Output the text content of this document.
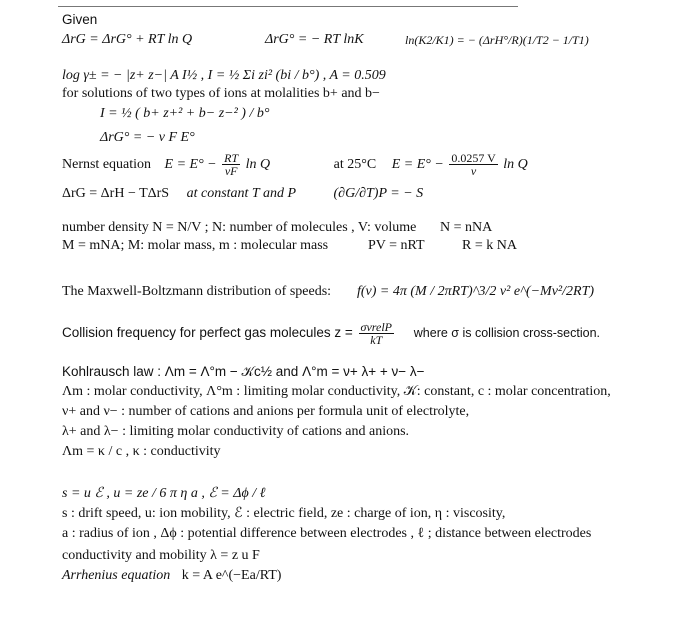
Given
ΔrG = ΔrG° + RT ln Q	ΔrG° = − RT lnK	ln(K2/K1) = − (ΔrH°/R)(1/T2 − 1/T1)
log γ± = − |z+ z−| A I½ , I = ½ Σi zi² (bi / b°) , A = 0.509
for solutions of two types of ions at molalities b+ and b−
I = ½ ( b+ z+² + b− z−² ) / b°
ΔrG° = − ν F E°
Nernst equation $E = E^\circ - \frac{RT}{\nu F}$ ln Q	at 25°C $E = E^\circ - \frac{0.0257 V}{\nu}$ ln Q
ΔrG = ΔrH − TΔrS at constant T and P	(∂G/∂T)P = − S
number density N = N/V ; N: number of molecules , V: volume N = nNA
M = mNA; M: molar mass, m : molecular mass	PV = nRT	R = k NA
The Maxwell-Boltzmann distribution of speeds: f(v) = 4π (M / 2πRT)^3/2 v² e^(−Mv²/2RT)
Collision frequency for perfect gas molecules $z = \frac{\text{σvrelP}}{kT}$ where σ is collision cross-section.
Kohlrausch law : Λm = Λ°m − 𝒦c½ and Λ°m = ν+ λ+ + ν− λ−
Λm : molar conductivity, Λ°m : limiting molar conductivity, 𝒦: constant, c : molar concentration,
ν+ and ν− : number of cations and anions per formula unit of electrolyte,
λ+ and λ− : limiting molar conductivity of cations and anions.
Λm = κ / c , κ : conductivity
s = u ℰ , u = ze / 6 π η a , ℰ = Δϕ / ℓ
s : drift speed, u: ion mobility, ℰ : electric field, ze : charge of ion, η : viscosity,
a : radius of ion , Δϕ : potential difference between electrodes , ℓ ; distance between electrodes
conductivity and mobility λ = z u F
Arrhenius equation k = A e^(−Ea/RT)
